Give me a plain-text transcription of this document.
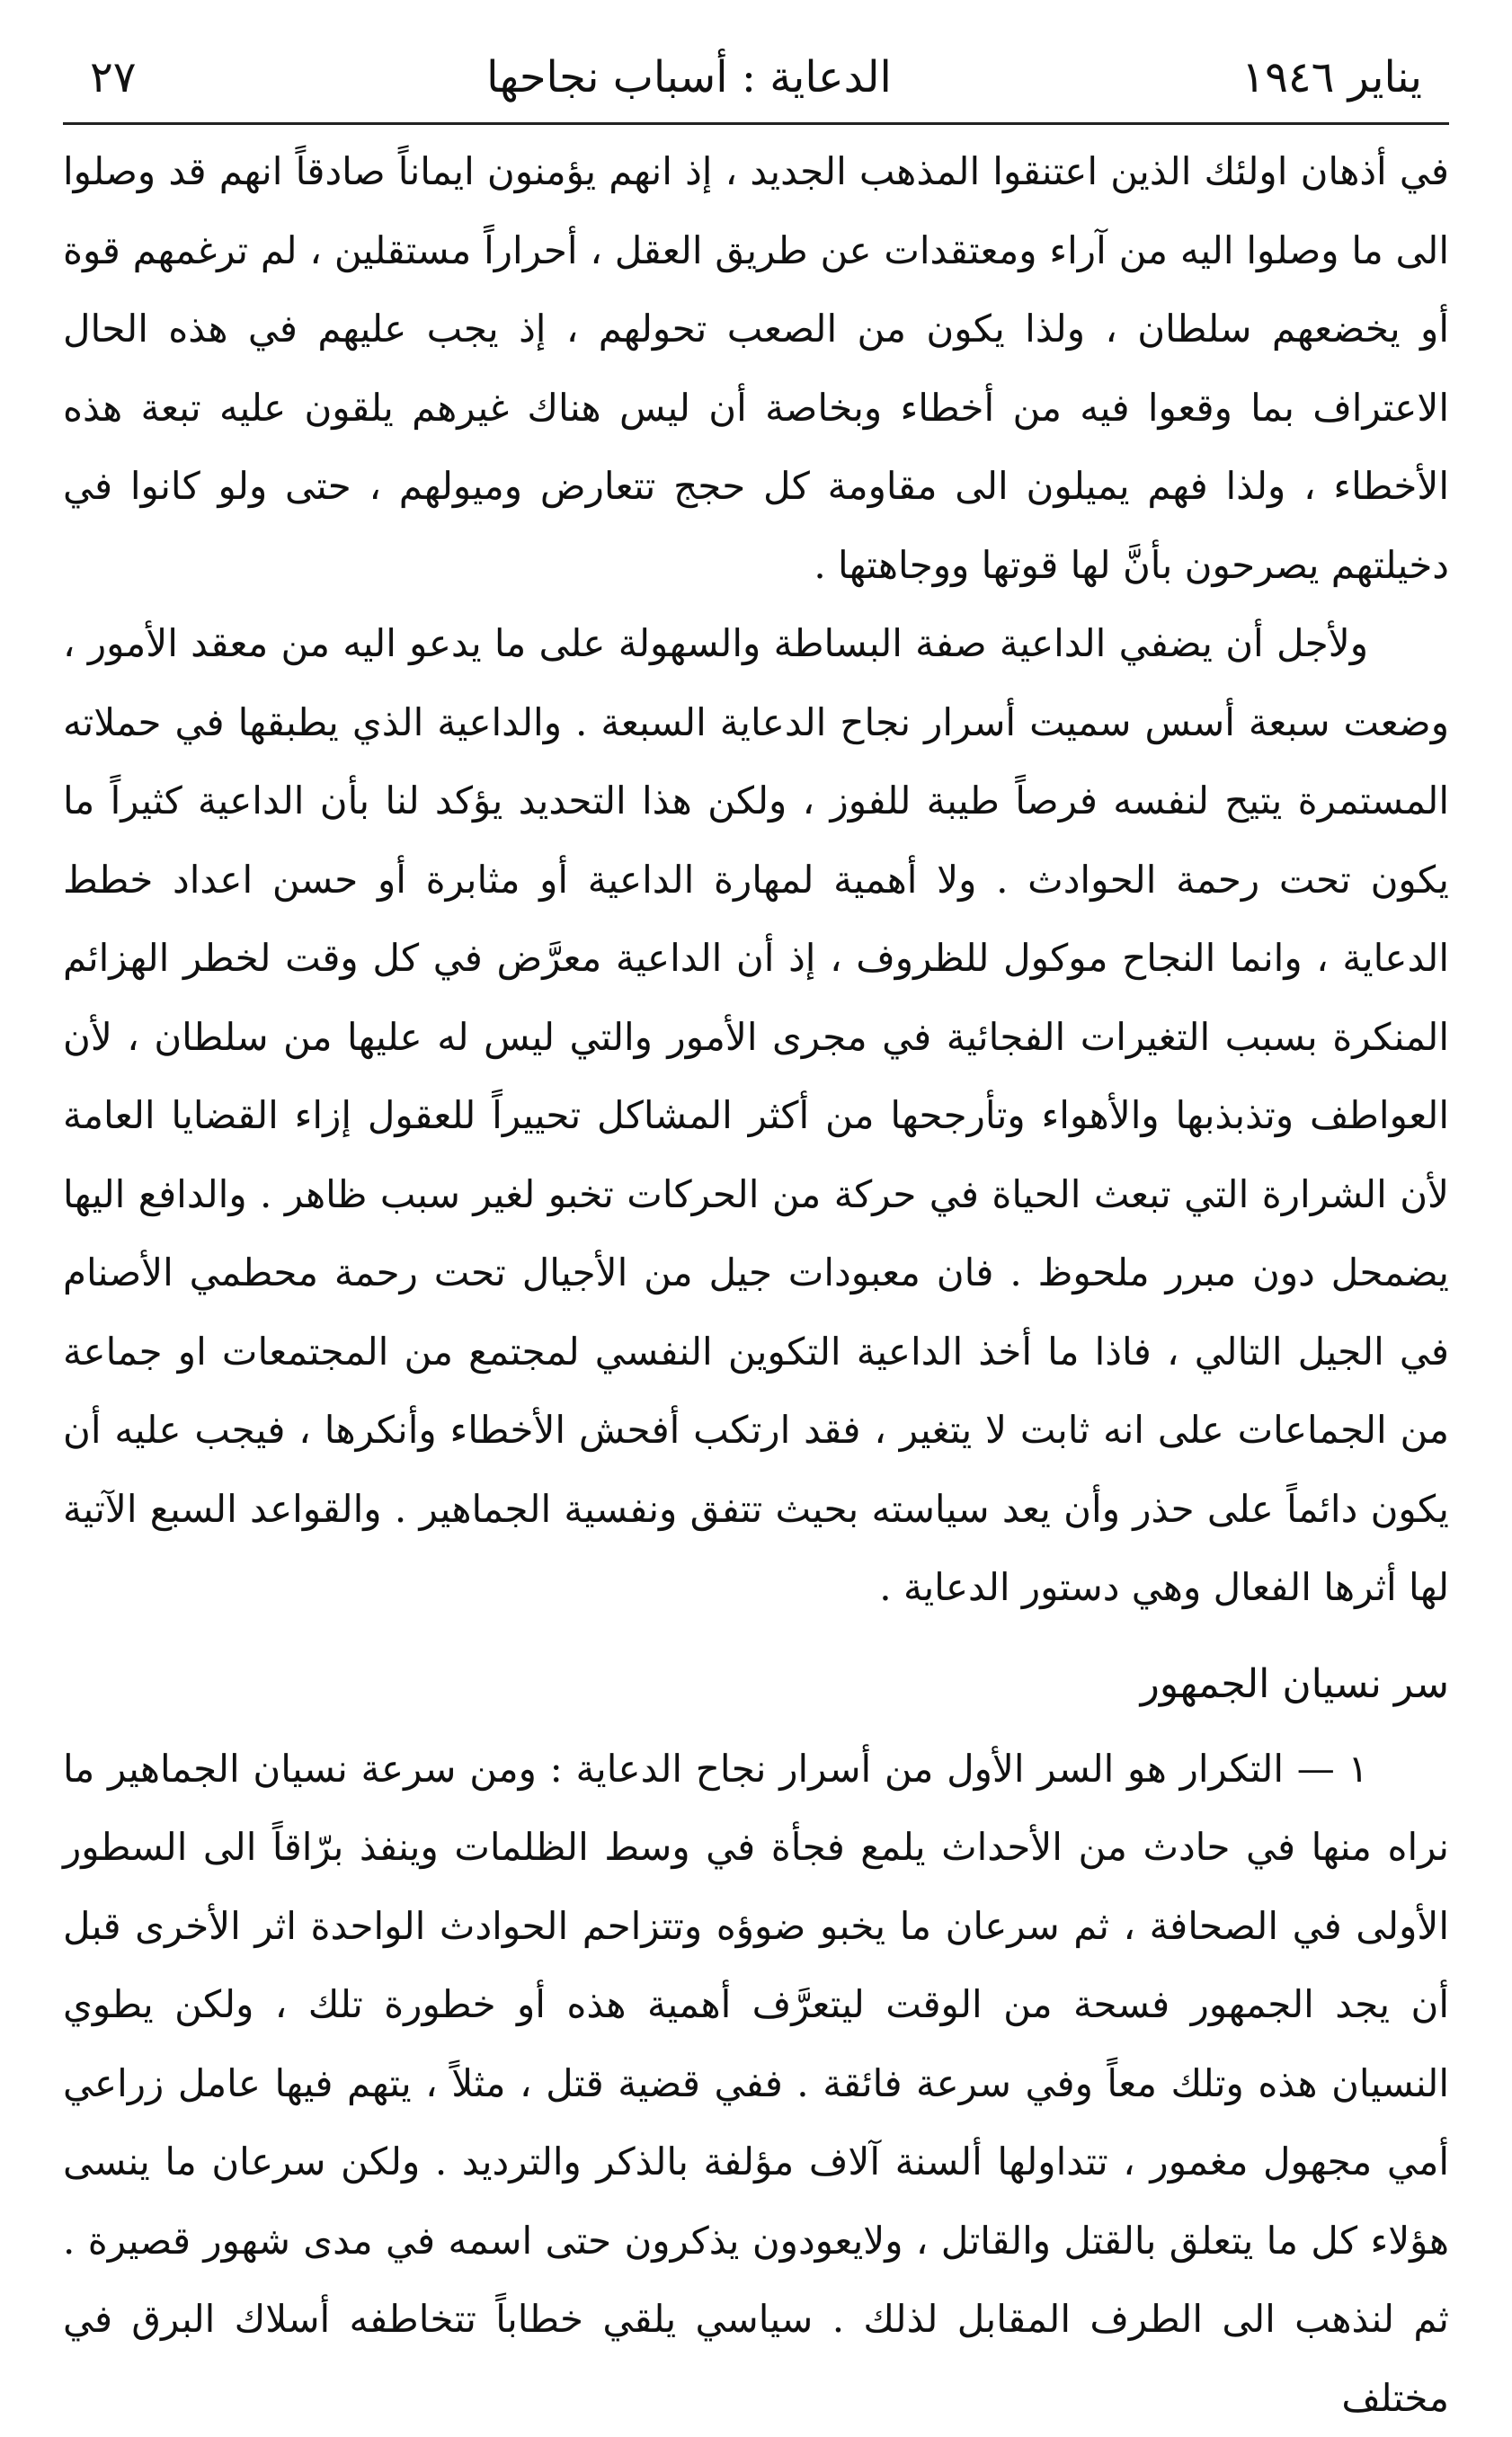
يناير ١٩٤٦
الدعاية : أسباب نجاحها
٢٧

في أذهان اولئك الذين اعتنقوا المذهب الجديد ، إذ انهم يؤمنون ايماناً صادقاً انهم قد وصلوا الى ما وصلوا اليه من آراء ومعتقدات عن طريق العقل ، أحراراً مستقلين ، لم ترغمهم قوة أو يخضعهم سلطان ، ولذا يكون من الصعب تحولهم ، إذ يجب عليهم في هذه الحال الاعتراف بما وقعوا فيه من أخطاء وبخاصة أن ليس هناك غيرهم يلقون عليه تبعة هذه الأخطاء ، ولذا فهم يميلون الى مقاومة كل حجج تتعارض وميولهم ، حتى ولو كانوا في دخيلتهم يصرحون بأنَّ لها قوتها ووجاهتها .

ولأجل أن يضفي الداعية صفة البساطة والسهولة على ما يدعو اليه من معقد الأمور ، وضعت سبعة أسس سميت أسرار نجاح الدعاية السبعة . والداعية الذي يطبقها في حملاته المستمرة يتيح لنفسه فرصاً طيبة للفوز ، ولكن هذا التحديد يؤكد لنا بأن الداعية كثيراً ما يكون تحت رحمة الحوادث . ولا أهمية لمهارة الداعية أو مثابرة أو حسن اعداد خطط الدعاية ، وانما النجاح موكول للظروف ، إذ أن الداعية معرَّض في كل وقت لخطر الهزائم المنكرة بسبب التغيرات الفجائية في مجرى الأمور والتي ليس له عليها من سلطان ، لأن العواطف وتذبذبها والأهواء وتأرجحها من أكثر المشاكل تحييراً للعقول إزاء القضايا العامة لأن الشرارة التي تبعث الحياة في حركة من الحركات تخبو لغير سبب ظاهر . والدافع اليها يضمحل دون مبرر ملحوظ . فان معبودات جيل من الأجيال تحت رحمة محطمي الأصنام في الجيل التالي ، فاذا ما أخذ الداعية التكوين النفسي لمجتمع من المجتمعات او جماعة من الجماعات على انه ثابت لا يتغير ، فقد ارتكب أفحش الأخطاء وأنكرها ، فيجب عليه أن يكون دائماً على حذر وأن يعد سياسته بحيث تتفق ونفسية الجماهير . والقواعد السبع الآتية لها أثرها الفعال وهي دستور الدعاية .

سر نسيان الجمهور

١ — التكرار هو السر الأول من أسرار نجاح الدعاية : ومن سرعة نسيان الجماهير ما نراه منها في حادث من الأحداث يلمع فجأة في وسط الظلمات وينفذ برّاقاً الى السطور الأولى في الصحافة ، ثم سرعان ما يخبو ضوؤه وتتزاحم الحوادث الواحدة اثر الأخرى قبل أن يجد الجمهور فسحة من الوقت ليتعرَّف أهمية هذه أو خطورة تلك ، ولكن يطوي النسيان هذه وتلك معاً وفي سرعة فائقة . ففي قضية قتل ، مثلاً ، يتهم فيها عامل زراعي أمي مجهول مغمور ، تتداولها ألسنة آلاف مؤلفة بالذكر والترديد . ولكن سرعان ما ينسى هؤلاء كل ما يتعلق بالقتل والقاتل ، ولايعودون يذكرون حتى اسمه في مدى شهور قصيرة . ثم لنذهب الى الطرف المقابل لذلك . سياسي يلقي خطاباً تتخاطفه أسلاك البرق في مختلف
